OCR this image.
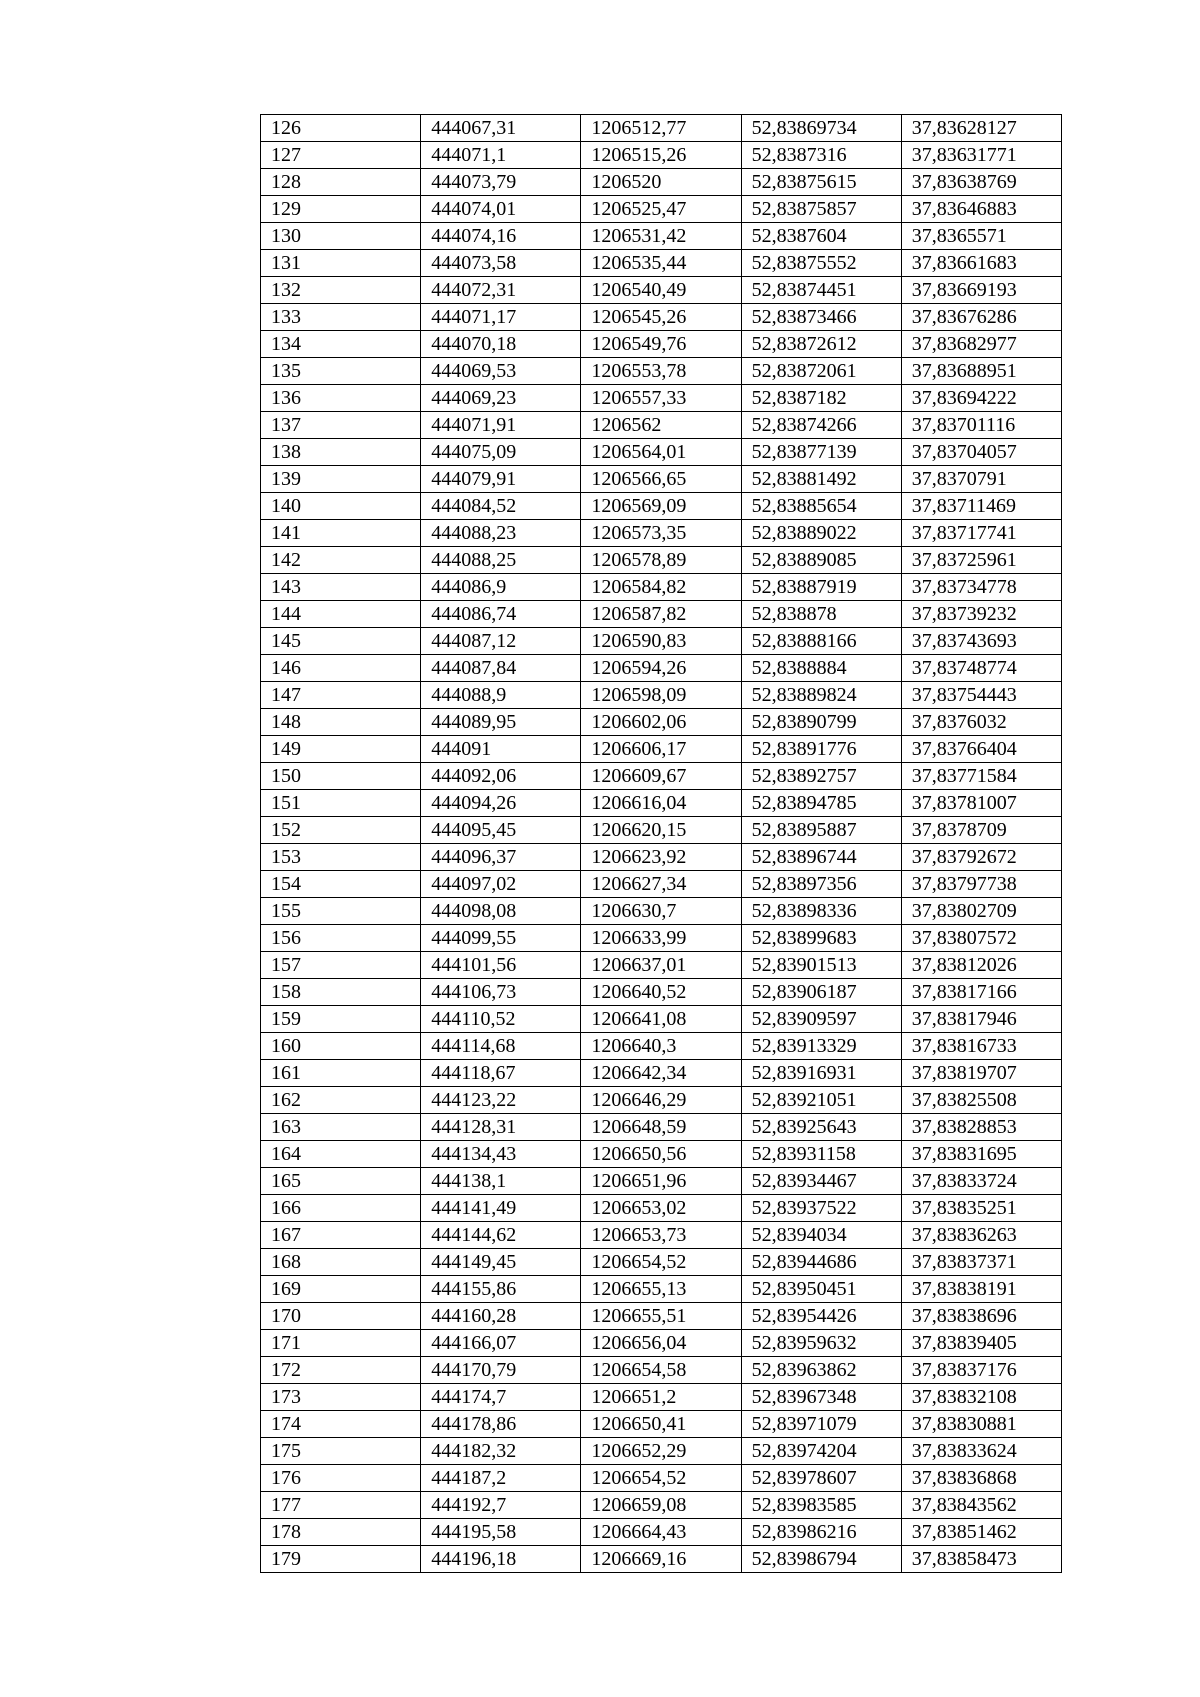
126	444067,31	1206512,77	52,83869734	37,83628127
127	444071,1	1206515,26	52,8387316	37,83631771
128	444073,79	1206520	52,83875615	37,83638769
129	444074,01	1206525,47	52,83875857	37,83646883
130	444074,16	1206531,42	52,8387604	37,8365571
131	444073,58	1206535,44	52,83875552	37,83661683
132	444072,31	1206540,49	52,83874451	37,83669193
133	444071,17	1206545,26	52,83873466	37,83676286
134	444070,18	1206549,76	52,83872612	37,83682977
135	444069,53	1206553,78	52,83872061	37,83688951
136	444069,23	1206557,33	52,8387182	37,83694222
137	444071,91	1206562	52,83874266	37,83701116
138	444075,09	1206564,01	52,83877139	37,83704057
139	444079,91	1206566,65	52,83881492	37,8370791
140	444084,52	1206569,09	52,83885654	37,83711469
141	444088,23	1206573,35	52,83889022	37,83717741
142	444088,25	1206578,89	52,83889085	37,83725961
143	444086,9	1206584,82	52,83887919	37,83734778
144	444086,74	1206587,82	52,838878	37,83739232
145	444087,12	1206590,83	52,83888166	37,83743693
146	444087,84	1206594,26	52,8388884	37,83748774
147	444088,9	1206598,09	52,83889824	37,83754443
148	444089,95	1206602,06	52,83890799	37,8376032
149	444091	1206606,17	52,83891776	37,83766404
150	444092,06	1206609,67	52,83892757	37,83771584
151	444094,26	1206616,04	52,83894785	37,83781007
152	444095,45	1206620,15	52,83895887	37,8378709
153	444096,37	1206623,92	52,83896744	37,83792672
154	444097,02	1206627,34	52,83897356	37,83797738
155	444098,08	1206630,7	52,83898336	37,83802709
156	444099,55	1206633,99	52,83899683	37,83807572
157	444101,56	1206637,01	52,83901513	37,83812026
158	444106,73	1206640,52	52,83906187	37,83817166
159	444110,52	1206641,08	52,83909597	37,83817946
160	444114,68	1206640,3	52,83913329	37,83816733
161	444118,67	1206642,34	52,83916931	37,83819707
162	444123,22	1206646,29	52,83921051	37,83825508
163	444128,31	1206648,59	52,83925643	37,83828853
164	444134,43	1206650,56	52,83931158	37,83831695
165	444138,1	1206651,96	52,83934467	37,83833724
166	444141,49	1206653,02	52,83937522	37,83835251
167	444144,62	1206653,73	52,8394034	37,83836263
168	444149,45	1206654,52	52,83944686	37,83837371
169	444155,86	1206655,13	52,83950451	37,83838191
170	444160,28	1206655,51	52,83954426	37,83838696
171	444166,07	1206656,04	52,83959632	37,83839405
172	444170,79	1206654,58	52,83963862	37,83837176
173	444174,7	1206651,2	52,83967348	37,83832108
174	444178,86	1206650,41	52,83971079	37,83830881
175	444182,32	1206652,29	52,83974204	37,83833624
176	444187,2	1206654,52	52,83978607	37,83836868
177	444192,7	1206659,08	52,83983585	37,83843562
178	444195,58	1206664,43	52,83986216	37,83851462
179	444196,18	1206669,16	52,83986794	37,83858473
